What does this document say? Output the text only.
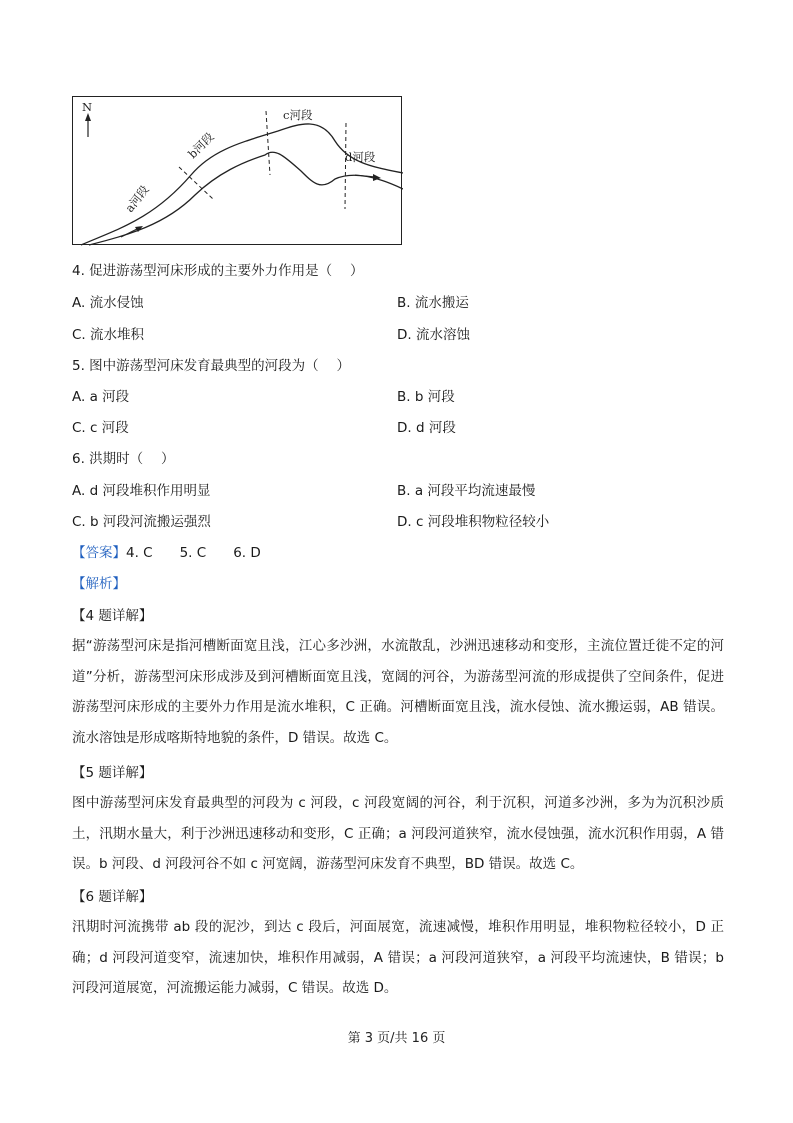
N
a河段
b河段
c河段
d河段
4. 促进游荡型河床形成的主要外力作用是（　 ）
A. 流水侵蚀	B. 流水搬运
C. 流水堆积	D. 流水溶蚀
5. 图中游荡型河床发育最典型的河段为（　 ）
A. a 河段	B. b 河段
C. c 河段	D. d 河段
6. 洪期时（　 ）
A. d 河段堆积作用明显	B. a 河段平均流速最慢
C. b 河段河流搬运强烈	D. c 河段堆积物粒径较小
【答案】4. C　　5. C　　6. D
【解析】
【4 题详解】
据“游荡型河床是指河槽断面宽且浅，江心多沙洲，水流散乱，沙洲迅速移动和变形，主流位置迁徙不定的河道”分析，游荡型河床形成涉及到河槽断面宽且浅，宽阔的河谷，为游荡型河流的形成提供了空间条件，促进游荡型河床形成的主要外力作用是流水堆积，C 正确。河槽断面宽且浅，流水侵蚀、流水搬运弱，AB 错误。流水溶蚀是形成喀斯特地貌的条件，D 错误。故选 C。
【5 题详解】
图中游荡型河床发育最典型的河段为 c 河段，c 河段宽阔的河谷，利于沉积，河道多沙洲，多为为沉积沙质土，汛期水量大，利于沙洲迅速移动和变形，C 正确；a 河段河道狭窄，流水侵蚀强，流水沉积作用弱，A 错误。b 河段、d 河段河谷不如 c 河宽阔，游荡型河床发育不典型，BD 错误。故选 C。
【6 题详解】
汛期时河流携带 ab 段的泥沙，到达 c 段后，河面展宽，流速减慢，堆积作用明显，堆积物粒径较小，D 正确；d 河段河道变窄，流速加快，堆积作用减弱，A 错误；a 河段河道狭窄，a 河段平均流速快，B 错误；b 河段河道展宽，河流搬运能力减弱，C 错误。故选 D。
第 3 页/共 16 页
